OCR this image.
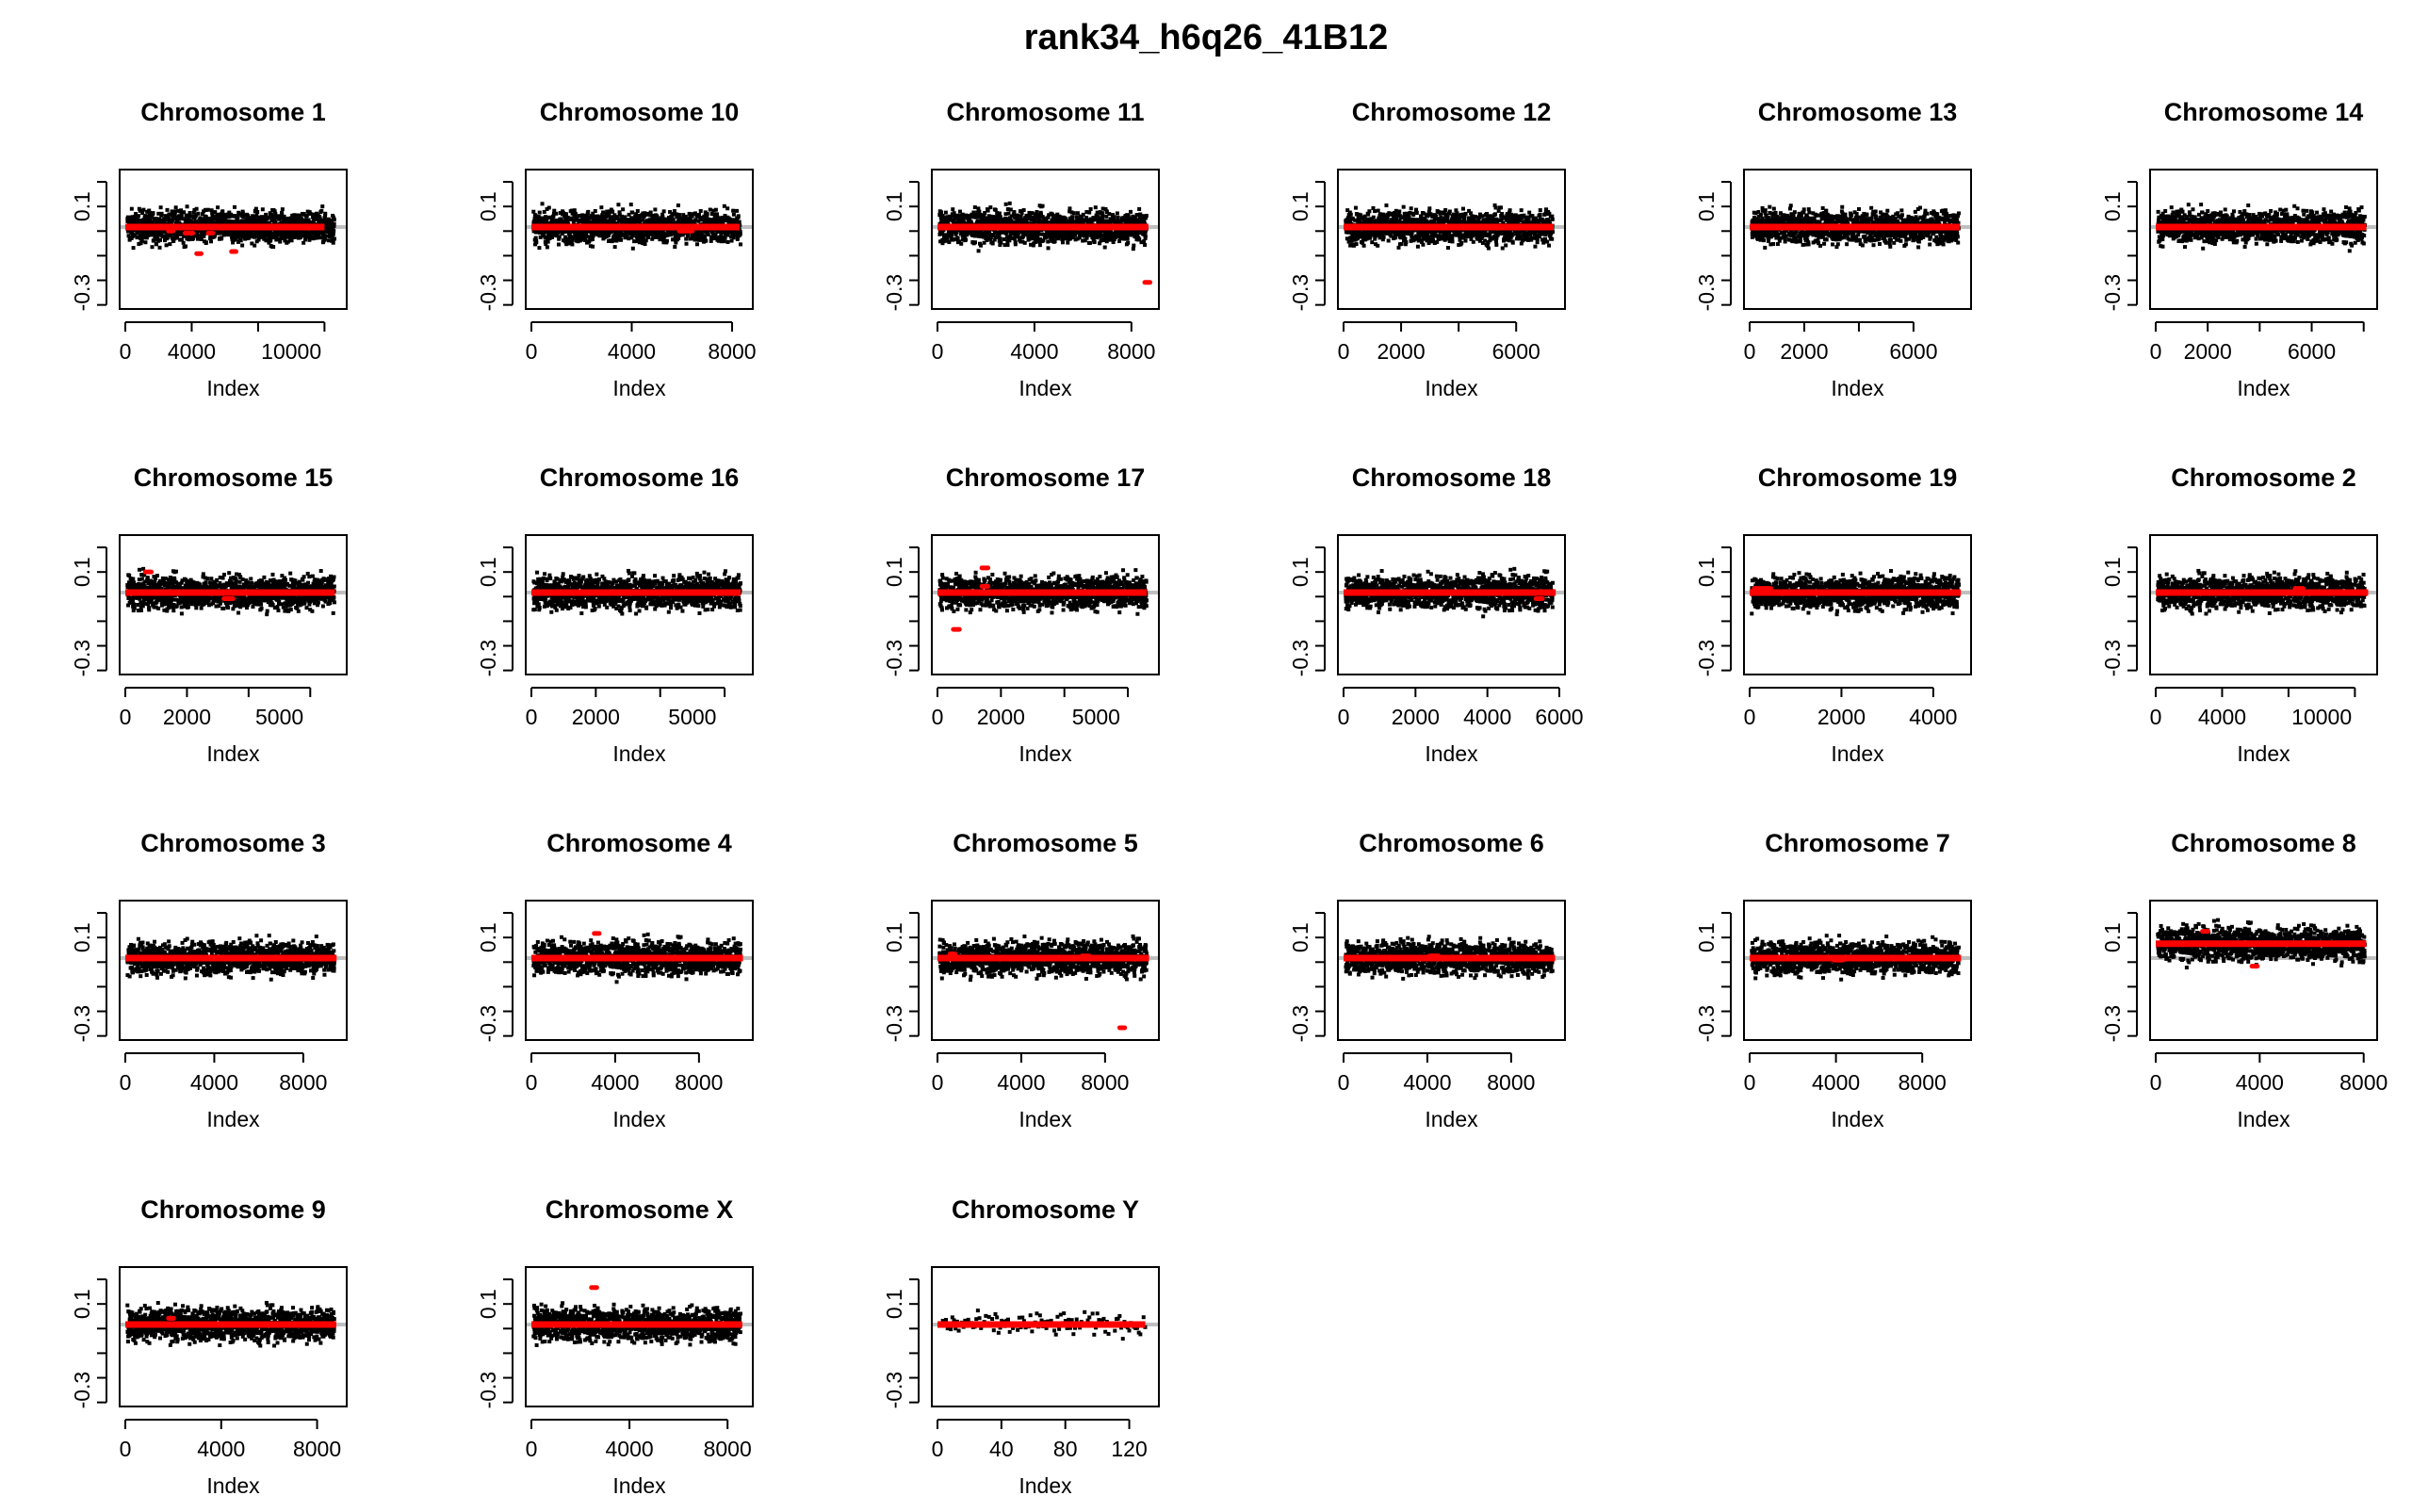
rank34_h6q26_41B12
Chromosome 1
-0.3
0.1
0 4000 10000
Index
Chromosome 10
-0.3
0.1
0	4000 8000
Index
Chromosome 11
-0.3
0.1
0	4000 8000
Index
Chromosome 12
-0.3
0.1
0 2000	6000
Index
Chromosome 13
-0.3
0.1
0 2000	6000
Index
Chromosome 14
-0.3
0.1
0 2000	6000
Index
Chromosome 15
-0.3
0.1
0 2000 5000
Index
Chromosome 16
-0.3
0.1
0 2000 5000
Index
Chromosome 17
-0.3
0.1
0 2000 5000
Index
Chromosome 18
-0.3
0.1
0 2000 4000 6000
Index
Chromosome 19
-0.3
0.1
0	2000 4000
Index
Chromosome 2
-0.3
0.1
0 4000 10000
Index
Chromosome 3
-0.3
0.1
0	4000 8000
Index
Chromosome 4
-0.3
0.1
0 4000 8000
Index
Chromosome 5
-0.3
0.1
0 4000 8000
Index
Chromosome 6
-0.3
0.1
0 4000 8000
Index
Chromosome 7
-0.3
0.1
0	4000 8000
Index
Chromosome 8
-0.3
0.1
0	4000	8000
Index
Chromosome 9
-0.3
0.1
0	4000 8000
Index
Chromosome X
-0.3
0.1
0	4000 8000
Index
Chromosome Y
-0.3
0.1
0 40 80 120
Index
